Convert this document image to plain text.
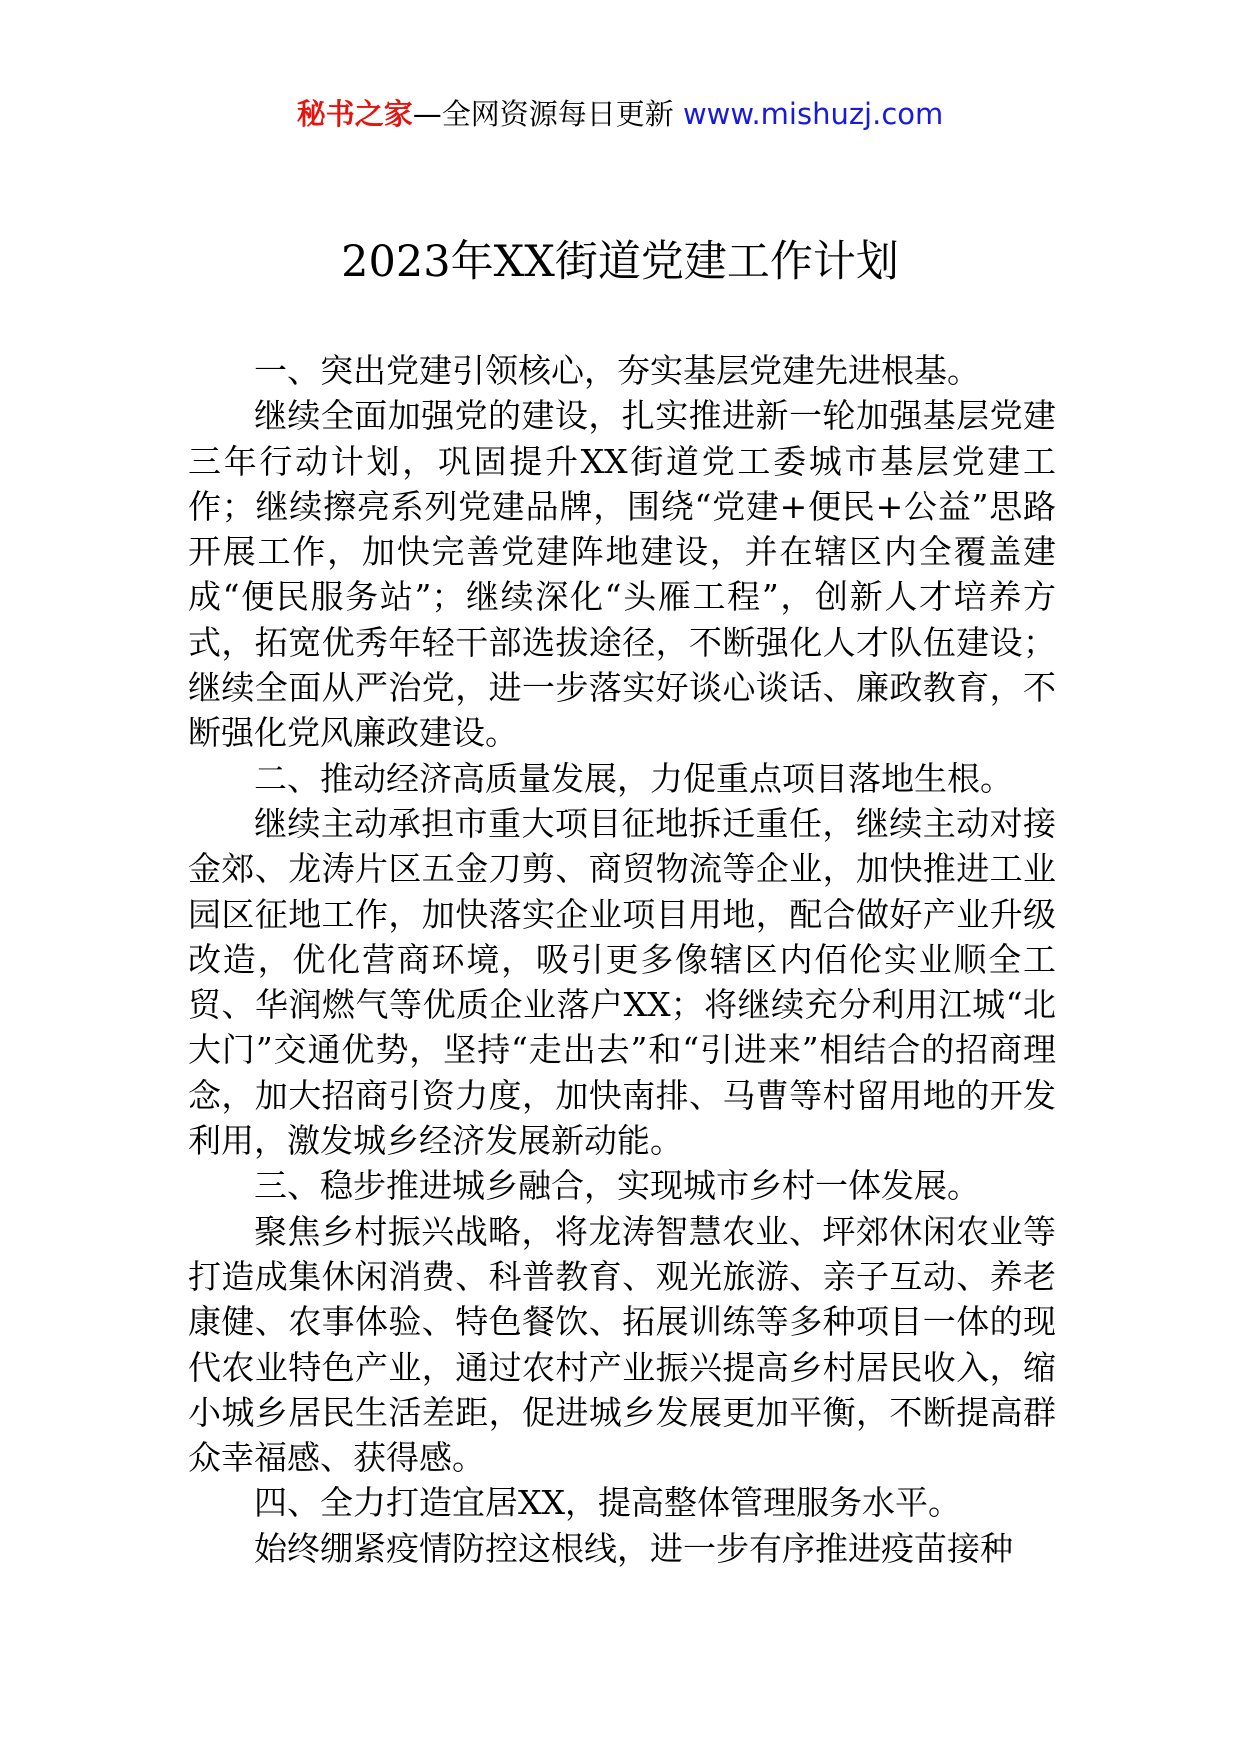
秘书之家—全网资源每日更新 www.mishuzj.com
2023年XX街道党建工作计划

一、突出党建引领核心，夯实基层党建先进根基。

继续全面加强党的建设，扎实推进新一轮加强基层党建三年行动计划，巩固提升XX街道党工委城市基层党建工作；继续擦亮系列党建品牌，围绕“党建+便民+公益”思路开展工作，加快完善党建阵地建设，并在辖区内全覆盖建成“便民服务站”；继续深化“头雁工程”，创新人才培养方式，拓宽优秀年轻干部选拔途径，不断强化人才队伍建设；继续全面从严治党，进一步落实好谈心谈话、廉政教育，不断强化党风廉政建设。

二、推动经济高质量发展，力促重点项目落地生根。

继续主动承担市重大项目征地拆迁重任，继续主动对接金郊、龙涛片区五金刀剪、商贸物流等企业，加快推进工业园区征地工作，加快落实企业项目用地，配合做好产业升级改造，优化营商环境，吸引更多像辖区内佰伦实业顺全工贸、华润燃气等优质企业落户XX；将继续充分利用江城“北大门”交通优势，坚持“走出去”和“引进来”相结合的招商理念，加大招商引资力度，加快南排、马曹等村留用地的开发利用，激发城乡经济发展新动能。

三、稳步推进城乡融合，实现城市乡村一体发展。

聚焦乡村振兴战略，将龙涛智慧农业、坪郊休闲农业等打造成集休闲消费、科普教育、观光旅游、亲子互动、养老康健、农事体验、特色餐饮、拓展训练等多种项目一体的现代农业特色产业，通过农村产业振兴提高乡村居民收入，缩小城乡居民生活差距，促进城乡发展更加平衡，不断提高群众幸福感、获得感。

四、全力打造宜居XX，提高整体管理服务水平。

始终绷紧疫情防控这根线，进一步有序推进疫苗接种
